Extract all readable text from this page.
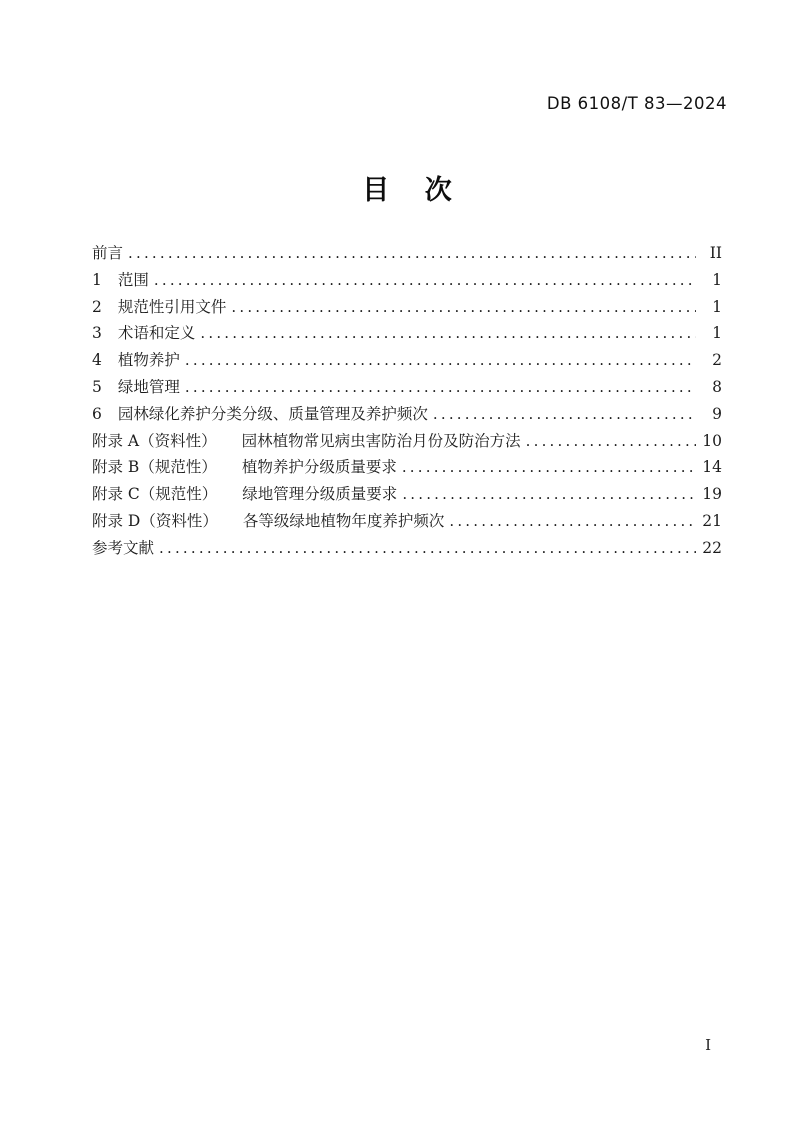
DB 6108/T 83—2024
目 次
前言 .....	II
1 范围 .....	1
2 规范性引用文件 .....	1
3 术语和定义 .....	1
4 植物养护 .....	2
5 绿地管理 .....	8
6 园林绿化养护分类分级、质量管理及养护频次 .....	9
附录 A（资料性） 园林植物常见病虫害防治月份及防治方法 .....	10
附录 B（规范性） 植物养护分级质量要求 .....	14
附录 C（规范性） 绿地管理分级质量要求 .....	19
附录 D（资料性） 各等级绿地植物年度养护频次 .....	21
参考文献 .....	22
I
